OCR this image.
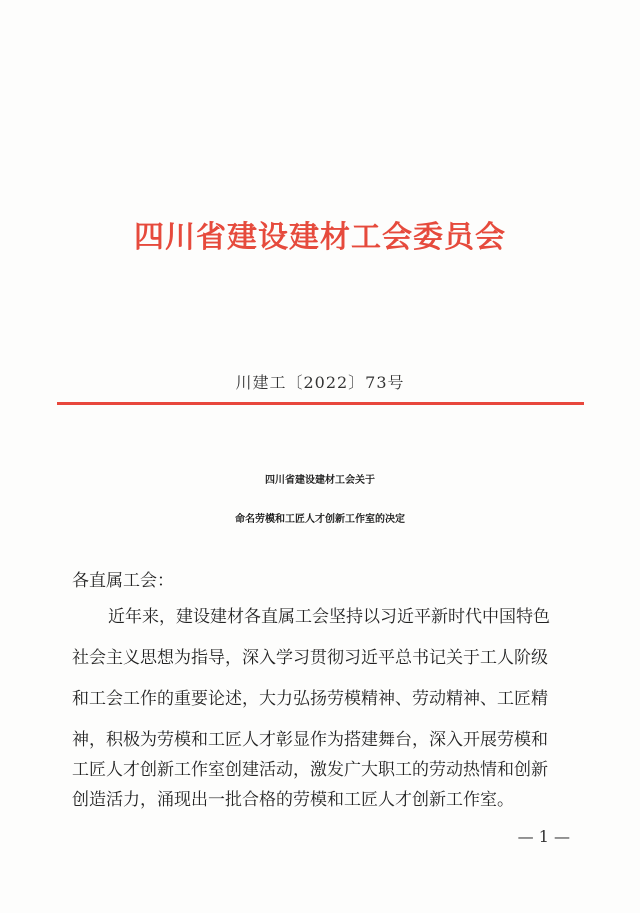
四川省建设建材工会委员会
川建工〔2022〕73号
四川省建设建材工会关于
命名劳模和工匠人才创新工作室的决定
各直属工会：
近年来，建设建材各直属工会坚持以习近平新时代中国特色
社会主义思想为指导，深入学习贯彻习近平总书记关于工人阶级
和工会工作的重要论述，大力弘扬劳模精神、劳动精神、工匠精
神，积极为劳模和工匠人才彰显作为搭建舞台，深入开展劳模和
工匠人才创新工作室创建活动，激发广大职工的劳动热情和创新
创造活力，涌现出一批合格的劳模和工匠人才创新工作室。
— 1 —
